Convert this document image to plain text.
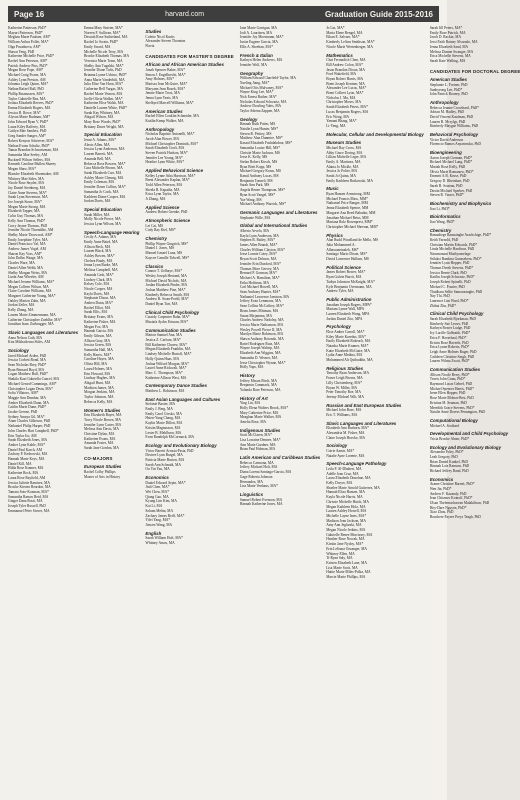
Page 16	harvard.com	Graduation Guide 2015-2016
Katherine Patterson, PhD*
Mayuri Patterson, PhD*
Meghan Marie Paulsen, AM*
William Arthur Pollet, MA*
Olga Posadnova, AM*
Shawn Yeng, PhD
Katherine Michelle Price, PhD*
Rachel Ann Peterson, AM*
Patrick Andrew Pins, PhD*
Megan Rose Pope, AM*
Michael Craig Pozen, MA
Ashley Lynn Preston, AM
Johanna Leigh Quinn, MA*
Nathan Rafael Rall, PhD
Phillip Rasmussen, MA*
Taylor Gabrielle Rea, MA
Joshua Elizabeth Reeves, PhD*
Emma Elizabeth Rogers, MA
Jessica R. Rowe, MA*
Alyson Marie Rudman, AM*
John Edward Ryan V, PhD*
Laura Kiley Rafferty, MA
Caitlyn Mae Sanders, PhD
Greg Sander Sanger, AM*
Robert Kenyon Schriever, MA*
Nathan Evans Schultz, PhD*
Tamar Brandon Schwartzman, MA
Samantha Mae Seeley, AM
Bucknell Wilson Sellers, MA
Kenneth Caroline Mullen Shaeey
Megan Shaw, MA*
Blanche Elizabeth Shoemaker, AM
Whitney Mae Sides, MA
Nicole Rose Snyder, MA
Jay Daniel Steinberg, MA
Claire Anne Stevens, MA*
Sarah Lynn Stevenson, MA
Joe Joseph Stone, MA*
Megan Marie Strong, MA
Elizabeth Tapper, MA
Colin Guy Thomas, MA
Kelly Ann Thomas, PhD*
Corry Jayme Thomas, PhD
Jennifer Nicole Thorndike, AM
Shelby Marie Thorwood, AM*
Emily Josephine Tyler, MA
Daniel Francisco Val, MA
Andrew James Vogel, AM
Sharon Kay Voss, AM*
John Dallas Waage, MA
Charles Ware, MA
Daniel Allen Webb, MA
Shelby Morgan Weiss, MA
Linda Ann Wheeler, AM
Michael Jerome Williams, MA*
Megan Colleen Wilson, MA
Claire Caroline Williams, MA
Margaret Catherine Young, MA*
Oakley Marion Zahn, MA
Jordan Zeiler, MA
Kelly Zhang, MA
Lauren Marie Zimmermann, MA
Catherine Christopher Zuehlke, MA*
Jonathan Isaac Zurbrugger, MA
Slavic Languages and Literatures
Anna Nelson Cath, MA
Kira Mikhailovna Stiles, AM
Sociology
Jared Michael Arden, PhD
Jessica Corbett Bond, MA
Sean Nicholas Brey, PhD*
Ryan Bernard Boyd, MA
Logan Matthew Bull, PhD*
Shakila Kazi Gabriella Cancel, MA
Michael Gerard Cummings, AM*
Christopher Logan Dean, MA*
Sofia Villatoro, AM*
Maggie Ann Dumbar, MA
Amber Elizabeth Dunn, MA
Caitlin Marie Dunn, PhD*
Jacobe Greene, PhD
Sydney Amaya Gil, MA*
Aram Charles Gilkeson, PhD
Nathaniel Philip Harper, PhD
John Charles Hart Campbell, PhD*
Erin Taylor Ito, AM
Sarah Elizabeth Jones, MA
Amber Lynn Kahle, MA*
Daniel Paul Karch, AM
Zachary P. Kedrowski, MA
Hannah Marie Keys, MA
Daniel Kill, MA
Hilda Rose Kramer, MA
Katherine Rock, MA
Laura Rose Rayfield, AM
Jessica Juliette Ramirez, MA
Brooke Kirsten Reardon, MA
Tamara Soto-Kozman, MA*
Samantha Ramos Reid, MA
Ginger Dana Rosti, MA
Joseph Tyler Russell, PhD
Emmanuel Peter Stover, MA
Emma Mary Strieter, MA*
Noreen F. Sullivan, MA*
Dessiah Rose Sutherland, MA
Rachel Jo Swain, PhD*
Emily Sward, MA
Michelle Nicole Terry, MA
Brooke Elizabeth Thomas, MA
Veronica Marie Toms, MA
Shelby Ann Tugalski, MA*
Jennifer Diane Tufts, PhD
Brianna Lynne Uchino, PhD*
Anna Marie Vanderbilt, MA
Julia Elise Van Horn, MA*
Catherine Bell Vargas, MA
Rachel Marie Vernon, MA
Joelle Olivia Walker, MA*
Katherine Elise Walsh, MA
Danielle Lauren White, PhD*
Sarah Kay Whitney, MA
Abigail Wilson, MA
Mary Rose Woods, PhD*
Brittany Dawn Wright, MA
Special Education
Jenni A. Adams, MA*
Alexis Allen, MA
Jessica Lynn Anderson, MA
Lauren Barrett, MA
Amanda Bell, MA
Rebecca Rose Bowers, MA*
Cara Michelle Brown, MA
Sarah Elizabeth Carr, MA
Ashley Marie Cheung, MA
Emily Coleman, MA
Jennifer Dawn Collins, MA*
Samantha Jo Cook, MA
Kathleen Diane Cooper, MA
Jordan Davis, MA
Special Education
Sarah Miller, MA
Molly Nicole Pierce, MA
Jessica Lynn Wilson, MA
Speech-Language Hearing
Cecily A. Adams, MA
Emily Anne Baird, MA
Allison Beck, MA
Lauren Black, MA
Ashley Bowen, MA*
Chelsea Brady, MA
Jenna Lynn Burke, MA
Melissa Campbell, MA
Amanda Cash, MA*
Lindsey Clark, MA
Kelsey Cole, MA
Nicole Cooper, MA
Kayla Davis, MA
Stephanie Dixon, MA
Andrea Dunn, MA*
Rachel Elliot, MA
Sarah Ellis, MA
Brittany Evans, MA
Katherine Fisher, MA
Megan Fox, MA
Hannah Garcia, MA
Emily Gibson, MA
Allison Gray, MA
Jessica Green, MA
Samantha Hall, MA
Kelly Harris, MA*
Caroline Hayes, MA
Olivia Hill, MA
Laura Holmes, MA
Erin Howard, MA
Lindsay Hughes, MA
Abigail Hunt, MA
Madison James, MA
Morgan Jenkins, MA
Taylor Johnson, MA
Rebecca Kelly, MA
Women's Studies
Erin Elizabeth Bayer, MA
Tracy Nicole Brown, MA
Jennifer Lynn Carter, MA
Melissa Ann Davis, MA
Christine Dylan, MA
Katherine Evans, MA
Amanda Foster, MA
Sarah Jane Gordon, MA
CO-MAJORS
European Studies
Rachel Colby Phillips
Master of Arts in History
Studies
Colette Nicol Kurtis
Alexander Steven Thornton
Flavia
CANDIDATES FOR MASTER'S DEGREE
African and African American Studies
Jonah Spencer Baker, MA*
Simon J. Engelbrecht, MA*
Amy Holmes, MA*
Marissa Jean McGuire, MA*
Maryann Jean Rozek, MA*
Jennie Marie Trost, MA
Jenna Lynn Yeats, MA
Shelbyrd Marcell Williams, MA*
American Studies
Rachel Ellen Conklin Schneider, MA
Kaitlin Kemp Walker, MA
Anthropology
Nicholas Baptiste Antonelli, MA*
Jacob Alan Bower, MA
Michael Christopher Dominik, MA*
Sarah Elizabeth Groft, MA
Steven Patrick Hudson, MA*
Jennifer Lee Young, MA*
Heather Lynn White, MA*
Applied Behavioral Science
Kelley Lynne Atha Harrison, MA*
Brent Alexander Kaplan, MA*
Todd Allen Peterson, MA
Sheela B. Kapadia, MA
Erica Lynn Taylor, MA
Ji Zhang, MA
Applied Science
Andrew Robert Grenke, PhD
Atmospheric Science
Lei Cai, MS
Cody Ray Kiel, MS*
Chemistry
Phillip Wayne Gingrich, MS*
Daniel J. Jones, MS
Manuel Ismael Luna, MS
Kaycee Camille Tidwell, MS*
Classics
Connor T. Gelhaye, MA*
Wesley Joseph Hestand, MA
Michael David Nichols, MA
Jordan Elizabeth Pinder, MA
Joshua Matthew Pine, MA*
Kimberly Rebecca Smith, MA
Andrew R. Swan-Poehl, MA*
Daniel Ryan Tarr, MA
Clinical Child Psychology
Cassidy Carpenter Rahn, MA*
Mustafa Aydos Erturan, MA*
Communication Studies
Marion Samuel Ana, MA
Jessica Z. Carlson, MA*
Bill Katherine Chavez, MA*
Megan Elizabeth Franklin, MA
Lindsey Michelle Hartoff, MA*
Holly Quinn Haas, MA
Joshua Wilford Morgan, MA*
Laurel Anne Rickwalt, MA*
Marc C. Thompson, MA*
Katherine Allison West, MA
Contemporary Dance Studies
Matthew L. Robinson, MA
East Asian Languages and Cultures
Stefanie Baxter, MA
Emily J. Berg, MA
Emily Carol Givsko, MA
Hsien-Yung Chang, MA
Kaylin Marie Dillon, MA
Kristin Magnusson, MA
Lester B. Mehlhorn, MA
Evan Randolph McCormack, MA
Ecology and Evolutionary Biology
Victor Barrett Arrasta-Pasta, PhD
Desiree Lynn Burgel, MA
Patricia Marie Burton, MA
Sarah Ann Schmidt, MA
Ou Yin Yau, MA
Economics
Daniel Edward Arpin, MA*
Jinli Chen, MA*
Wei Chen, MA*
Qiang Gao, MA
Kyung Lim Kim, MA
Kai Li, MA
Soham Mehta, MA
Zachary James Reiff, MA*
Yifei Yang, MA*
Jiawen Wang, MA
English
Sarah William Hoft, MA*
Whitney Amos, MA
Jane Marie Garrigan, MA
Jodi A. Lauritsen, MA
Jennifer Joy Moesmann, MA*
Justin Eugene Garcia, MA
Ellis A. Sheehan, MA*
French & Italian
Kathryn Helen Andrews, MA
Jennifer Wolf, MA
Geography
William Edward Charfield-Taylor, MA
Xueling Jiang, MA*
Michael Otis Mulvaney, MA*
Wayne King Lee, MA*
Nick Ernest Ruther, MA*
Nicholas Edward Schwartz, MA
Andrew Dowling Vales, MA
Taylor Adrena Zappen, MA
Geology
Hannah Ruth Potter, MS
Natalie Lynn Hunter, MS*
Steven R. Pettiey, MS
Matthew Alan Dunmire, MS*
Kasaal Elizabeth Fashdahdoor, MS*
Samantha Louise Hill, MS*
Christie Marie Jackson, MS
Jesse K. Kelly, MS
Stefan Robert Kirsch, MS
Ryan Brett Kopp, MS
Michael Gregory Kraus, MS
Kamil Anthony Lucas, MS
Benjamin Tonneli, MS
Sarah Ann Park, MS
Angela Renee Thompson, MS*
Ryan Scott Vangel, MS*
Yue Wang, MS
Michael Anthony Warrick, MS*
Germanic Languages and Literatures
Stephanie Wille, MA
Global and International Studies
Alberto Arvelo, MA
Kayla Lynn Anderson, MA
Stephen R. Bailey, MA*
James Allen Brandt, MA*
Charles William Clayton, MA*
Jesse Lonnie Cotey, MA*
Bryan Scott Dobson, MA
Jennifer Erin Dunford, MA*
Thomas More Gervey, MA
Bernard P. Gorman, MA*
Michael A. Hamilton, MA*
Erika Hoffman, MA
Carl Michael Howell, MA
Sean Anthony Hunter, MA*
Nathaniel Lawrence Jamison, MA
Jeffrey Evan Lemmons, MA
Sean Collins McCaffrey, MA*
Brian James Mittman, MA
Susan Mirjamma, MA
Charles Andrew Nadolny, MA
Jessica Marie Nathanson, MA
Wesley Powell Pierce II, MA
Marilyn Marie Robinson, MA
Shawn Anthony Rotondo, MA
Bartel Rodriguez Ruiz, MA
Wayne Joseph Waltrip, MA
Elizabeth Ann Wiggins, MA
Samantha D. Weaver, MA
Jesse Christopher Wynne, MA*
Holly Yaps, MA
History
Jeffrey Mason Birch, MA
Benjamin Cammack, MA
Yolanda Rose Peterson, MA
History of Art
Ying Lin, MA
Holly Elena Walters Brook, MA*
Mary Catherine Price, MA
Meaghan Marie Walker, MA
Amelia Rose, MA
Indigenous Studies
Scott McClaren, MA*
Lisa Lorraine Dennee, MA*
Ann Marie Gardner, MA
Brian Paul Holman, MA
Latin American and Caribbean Studies
Rebecca Carmona, MA
Jeffrey Michael Holt, MA
Diana Lorena Santiago-Garcia, MA
Gage Roberta Johnson
Hernandez, MA
Lisa Marie Venhaus, MA*
Linguistics
Samuel Robert Evenson, MA
Hannah Katherine Jones, MA
Jo Lin, MA*
Maria Elene Rengel, MA
Ethan E. Salvaer, MA*
Kimberly LeAnn Smithson, MA*
Nicole Marie Wertenberger, MA
Mathematics
Chai Ferrandich Chen, MA
Bill Andrew Colon, MA*
Jason Brandon Dixon, MA
Ford Wakefield, MA
Bryan Robert Harris, MA
Brent Joseph Kentner, MA
Alexander Lee Lucas, MA*
Brent Colbert Lyon, MA*
Nicholas J. Ma, MA
Christopher Moses, MA
Sarah Elizabeth Peters, MA*
Lucas Benjamin Rogers, MA
Eric Wong, MA
Yamani Bhaag, MA*
Li-Yeng, MA
Molecular, Cellular and Developmental Biology
Museum Studies
Michael Ray Cross, MA
Abby Grace Doring, MA
Lillian Michelle Leger, MA
Emily A. Martinez, MA
Alaina Jo Mickle, MA
Jessica Jo Polier, MA
Sarah Jo Quinn, MA
Emily Kathleen Rutkowski, MA
Music
Ryan Hansen Armstrong, MM
Michael Francis Mass, MM*
Nathaniel Price Ranger, MM
Jenna Elizabeth Spence, MM
Margaret Ana Reed Bahadur, MM
Jonathan Michael Reiss, MM
Mariana Rolz Rosenprest, MM*
Christopher Michael Sheeran, MM*
Physics
Alan Rudd Woodland de Mello, MS
Julia Mohammed A.
Alhassaneinaleh, MS*
Santiago Mario Dixon, MS*
David Lawrence Hullum, MS
Political Science
James Robert Bower, MA*
Ryan Galvin Burrit, MA
Tadiyn Johnston McKnight, MA*
Kyle Benjamin Overmann, MA
Andrew Tyler, MA
Public Administration
Jonathan Joseph Rogers, MPA*
Mariam Lynne Wall, MPA
Lauren Elizabeth Wong, MPA
Jordan Daniel Zito, MPA
Psychology
Elise Amber Carroll, MA*
Kiley Marie Karedus, MA*
Emily Elizabeth Rokeach, MA
Natasha Marie Kramer, MA*
Katie Elizabeth McGuire, MA
Lydia Anne Medina, MA
Mohammed Ali Qutbuddin, MA
Religious Studies
Timothy Ryan Anderson, MA
Fraser Leigh Brown, MA
Lilly Christenberg, MA*
Bryan W. Miller, MA
Peter Timothy Roe, MA
Jeremy Michael Wilt, MA
Russian and East European Studies
Michael John Bose, MA
Eric T. Williams, MA
Slavic Languages and Literatures
Elizabeth Ann Burhorn, MA*
Alexandria M. Fisher, MA
Claire Joseph Hoecke, MA
Sociology
Cotrie Aamir, MA*
Natalie Ayne Lorente, MA
Speech-Language Pathology
Leila P. Al-Dhaheri, MA
Adelle Jean Cruz, MA
Laura Elizabeth Donohue, MA
Kelly Dwyer, MA
Shaelee Marie Arnold Gutierrez, MA
Hannah Eliza Hansen, MA
Kayla Nicole Harris, MA
Chrissie Michelle Hutch, MA
Megan Kathleen Holz, MA
Lauren Ashley Howell, MA
Michelle Layne Imes, MA*
Madison Jean Jackson, MA
Amy Ann Jeglarski, MA
Megan Nicole Jerkins, MA
Gabrielle Renee Morrissey, MA
Heather Rose Nowak, MA
Kirstin Jane Nydoy, MA*
Erin Lelisma Ozzanger, MA
Whitney Ellen, MA
Ti-Ryan Saly, MA
Kristen Elizabeth Lane, MA
Lisa Marie Scott, MA
Hattie Marie Miles-Polka, MA
Marcie Marie Phillips, MA
Sarah Jill Peters, MA*
Emily Rose Putrich, MA
Jacob D. Rackin, MA
Jessi Faith Rainey Alvarado, MA
Jenna Elizabeth Sand, MA
Melissa Dianne Swanger, MA
Erica Michelle Stevens, MA
Sarah Kate Walling, MA
CANDIDATES FOR DOCTORAL DEGREE
American Studies
Stephanie L. Fortner, PhD
Sunhyeong Lee, PhD*
John Patrick Rooney, PhD
Anthropology
Rebecca Jeanne Crowthard, PhD*
Adrian M. Hadley, PhD
David Vincent Kaufman, PhD
Lauren R. Mcrylgs, PhD
Kimberly Maygae Williams, PhD
Behavioral Psychology
Victor David Anderson
Florencio Ramos Anyanwuku, PhD
Bioengineering
Aaron Joseph Gorman, PhD*
Richard Michael Lang, PhD*
Mariah Rose Kelly, PhD
Olivia Marie Romanow, PhD*
Emmett A.B. Kruse, PhD
Gregory D. Rheinhart, PhD
Sarah B. Soutran, PhD
Dustin Michael Sperber, PhD
Steven R. Vasser, PhD*
Biochemistry and Biophysics
Jiao Li, PhD*
Bioinformatics
Jiao Wang, PhD*
Chemistry
Ramudiege Ranasinghe Arachchige, PhD*
Keith Yarnold, PhD
Christian Martin Edwards, PhD*
Linda Michelle Hardison, PhD
Narumonani Mudiyanselage
Srilaksi Bandara Gunasekera, PhD*
Jennifer Lynn Hopper, PhD
Thomas Derek Stevens, PhD*
Jessica Renee Clark, PhD
Kaitlin Joseph Schwartz, PhD*
Joseph Robert Spinelli, PhD
Michael C. Frazier, PhD
Thudharu Sellie Samarasinghe, PhD
Nay Thi, PhD
Lanrence Lim Ward, PhD*
Zhihui Zhu, PhD*
Clinical Child Psychology
Sarah Elizabeth Bjorkman, PhD
Kimberly Sue Lesser, PhD
Kathryn Bower Ludge, PhD
Ivy Lucille Galbraith, PhD*
Erica F. Haverhaal, PhD*
Kristin Rose Haverth, PhD
Erica Lynne Roberts, PhD*
Leigh Anne Holmes Ruger, PhD
Cathleen Christine Singh, PhD
Lauren Wilma Zwatt, PhD*
Communication Studies
Allison Nicole Berry, PhD*
Travis John Cram, PhD*
Raymond Lucas Gebrel, PhD
Michael Spencer Harris, PhD*
Irene Ellen Hopper, PhD
Rose Marie Molnar-Best, PhD
Kristina M. Seaman, PhD
Meredith Grace Stevens, PhD*
Natalie Anne Doress Pennington, PhD
Computational Biology
Michael A. Sroihard
Developmental and Child Psychology
Tricia Brooke Abner, PhD*
Ecology and Evolutionary Biology
Alexandra Foley, PhD*
Leah Gregory, PhD
Brian Daniel Kunkel, PhD
Hannah Lois Ransom, PhD
Richard Jeffrey Rand, PhD
Economics
Arame Christine Barrett, PhD*
Wen Jin, PhD*
Andrew F. Kazandy, PhD
Ivan Chitanov Koinoff, PhD*
Ulsan Thelemacharvan Malakilison, PhD
Hoy-Dare Nguyen, PhD*
Xiao Zhou, PhD
Bouchere Fayere Preys Teagh, PhD
